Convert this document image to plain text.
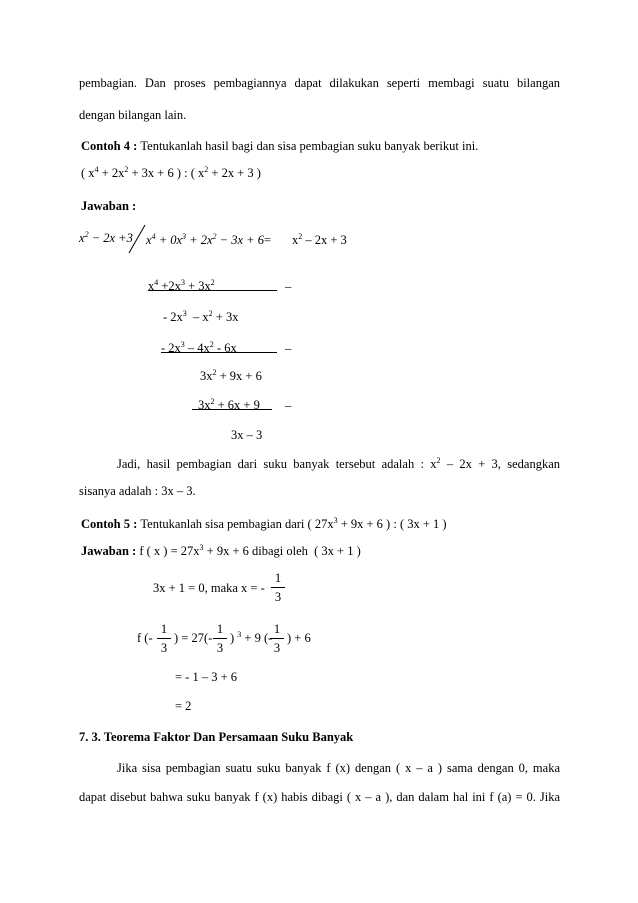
pembagian. Dan proses pembagiannya dapat dilakukan seperti membagi suatu bilangan
dengan bilangan lain.
Contoh 4 : Tentukanlah hasil bagi dan sisa pembagian suku banyak berikut ini.
( $x^4 + 2x^2 + 3x + 6$ ) : ( $x^2 + 2x + 3$ )
Jawaban :
$x^2 - 2x +3$ $x^4 + 0x^3 + 2x^2 - 3x + 6 = x^2 - 2x + 3$
$x^4 +2x^3 + 3x^2$	_
- $2x^3 - x^2 + 3x$
- $2x^3 - 4x^2 - 6x$	_
$3x^2 + 9x + 6$
$3x^2 + 6x + 9$ _
3x – 3
Jadi, hasil pembagian dari suku banyak tersebut adalah : $x^2 - 2x + 3$, sedangkan
sisanya adalah : 3x – 3.
Contoh 5 : Tentukanlah sisa pembagian dari ( $27x^3 + 9x + 6$ ) : ( 3x + 1 )
Jawaban : f ( x ) = $27x^3 + 9x + 6$ dibagi oleh  ( 3x + 1 )
3x + 1 = 0, maka x = -
1
3
f (-
1
3
) = 27(-
1
3
) $^3$ + 9 (-
1
3
) + 6
= - 1 – 3 + 6
= 2
7. 3. Teorema Faktor Dan Persamaan Suku Banyak
Jika sisa pembagian suatu suku banyak f (x) dengan ( x – a ) sama dengan 0, maka
dapat disebut bahwa suku banyak f (x) habis dibagi ( x – a ), dan dalam hal ini f (a) = 0. Jika
